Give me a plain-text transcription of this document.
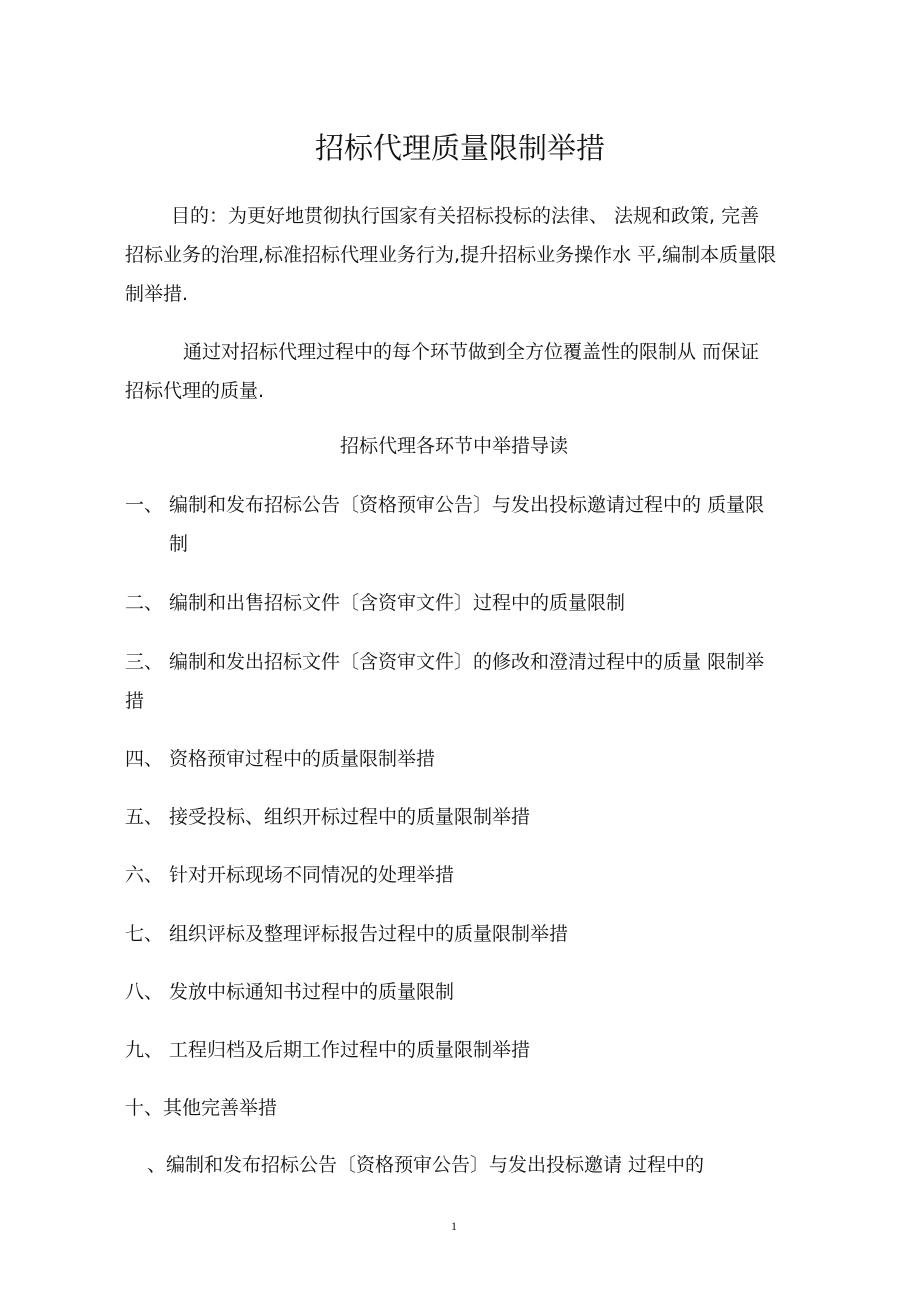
招标代理质量限制举措
目的：为更好地贯彻执行国家有关招标投标的法律、 法规和政策, 完善
招标业务的治理,标准招标代理业务行为,提升招标业务操作水 平,编制本质量限
制举措.
通过对招标代理过程中的每个环节做到全方位覆盖性的限制从 而保证
招标代理的质量.
招标代理各环节中举措导读
一、 编制和发布招标公告〔资格预审公告〕与发出投标邀请过程中的 质量限
制
二、 编制和出售招标文件〔含资审文件〕过程中的质量限制
三、 编制和发出招标文件〔含资审文件〕的修改和澄清过程中的质量 限制举
措
四、 资格预审过程中的质量限制举措
五、 接受投标、组织开标过程中的质量限制举措
六、 针对开标现场不同情况的处理举措
七、 组织评标及整理评标报告过程中的质量限制举措
八、 发放中标通知书过程中的质量限制
九、 工程归档及后期工作过程中的质量限制举措
十、其他完善举措
、编制和发布招标公告〔资格预审公告〕与发出投标邀请 过程中的
1
